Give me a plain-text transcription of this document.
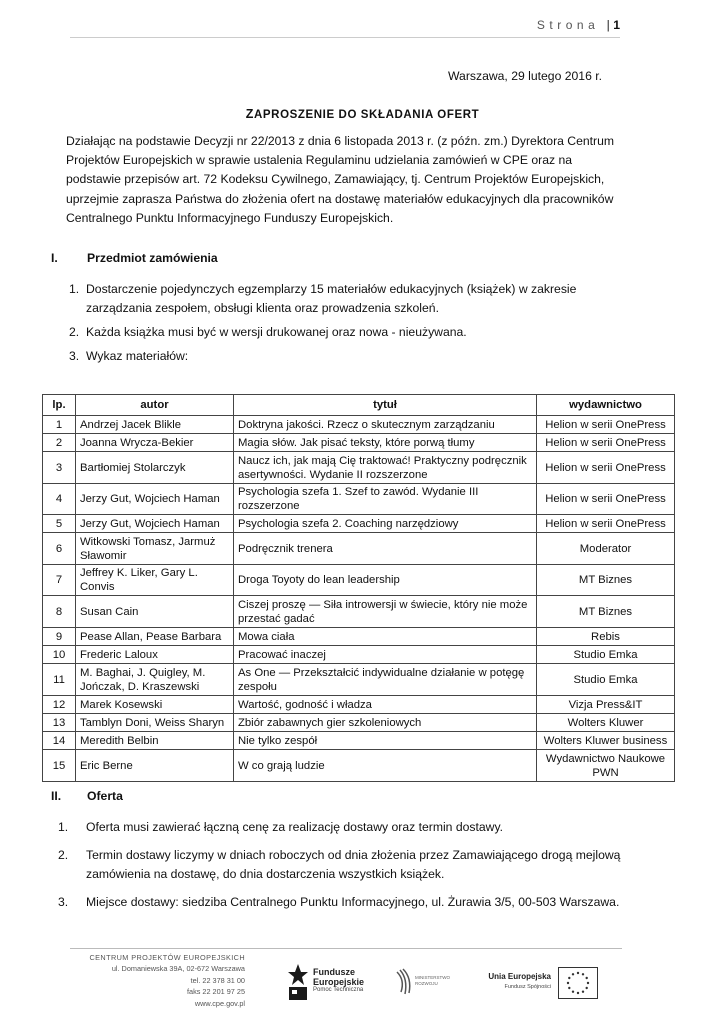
Strona | 1
Warszawa, 29 lutego 2016 r.
ZAPROSZENIE DO SKŁADANIA OFERT
Działając na podstawie Decyzji nr 22/2013 z dnia 6 listopada 2013 r. (z późn. zm.) Dyrektora Centrum Projektów Europejskich w sprawie ustalenia Regulaminu udzielania zamówień w CPE oraz na podstawie przepisów art. 72 Kodeksu Cywilnego, Zamawiający, tj. Centrum Projektów Europejskich, uprzejmie zaprasza Państwa do złożenia ofert na dostawę materiałów edukacyjnych dla pracowników Centralnego Punktu Informacyjnego Funduszy Europejskich.
I. Przedmiot zamówienia
1. Dostarczenie pojedynczych egzemplarzy 15 materiałów edukacyjnych (książek) w zakresie zarządzania zespołem, obsługi klienta oraz prowadzenia szkoleń.
2. Każda książka musi być w wersji drukowanej oraz nowa - nieużywana.
3. Wykaz materiałów:
lp.	autor	tytuł	wydawnictwo
1	Andrzej Jacek Blikle	Doktryna jakości. Rzecz o skutecznym zarządzaniu	Helion w serii OnePress
2	Joanna Wrycza-Bekier	Magia słów. Jak pisać teksty, które porwą tłumy	Helion w serii OnePress
3	Bartłomiej Stolarczyk	Naucz ich, jak mają Cię traktować! Praktyczny podręcznik asertywności. Wydanie II rozszerzone	Helion w serii OnePress
4	Jerzy Gut, Wojciech Haman	Psychologia szefa 1. Szef to zawód. Wydanie III rozszerzone	Helion w serii OnePress
5	Jerzy Gut, Wojciech Haman	Psychologia szefa 2. Coaching narzędziowy	Helion w serii OnePress
6	Witkowski Tomasz, Jarmuż Sławomir	Podręcznik trenera	Moderator
7	Jeffrey K. Liker, Gary L. Convis	Droga Toyoty do lean leadership	MT Biznes
8	Susan Cain	Ciszej proszę — Siła introwersji w świecie, który nie może przestać gadać	MT Biznes
9	Pease Allan, Pease Barbara	Mowa ciała	Rebis
10	Frederic Laloux	Pracować inaczej	Studio Emka
11	M. Baghai, J. Quigley, M. Jończak, D. Kraszewski	As One — Przekształcić indywidualne działanie w potęgę zespołu	Studio Emka
12	Marek Kosewski	Wartość, godność i władza	Vizja Press&IT
13	Tamblyn Doni, Weiss Sharyn	Zbiór zabawnych gier szkoleniowych	Wolters Kluwer
14	Meredith Belbin	Nie tylko zespół	Wolters Kluwer business
15	Eric Berne	W co grają ludzie	Wydawnictwo Naukowe PWN
II. Oferta
1. Oferta musi zawierać łączną cenę za realizację dostawy oraz termin dostawy.
2. Termin dostawy liczymy w dniach roboczych od dnia złożenia przez Zamawiającego drogą mejlową zamówienia na dostawę, do dnia dostarczenia wszystkich książek.
3. Miejsce dostawy: siedziba Centralnego Punktu Informacyjnego, ul. Żurawia 3/5, 00-503 Warszawa.
CENTRUM PROJEKTÓW EUROPEJSKICH
ul. Domaniewska 39A, 02-672 Warszawa
tel. 22 378 31 00
faks 22 201 97 25
www.cpe.gov.pl
Fundusze
Europejskie
Pomoc Techniczna
MINISTERSTWO ROZWOJU
Unia Europejska
Fundusz Spójności
